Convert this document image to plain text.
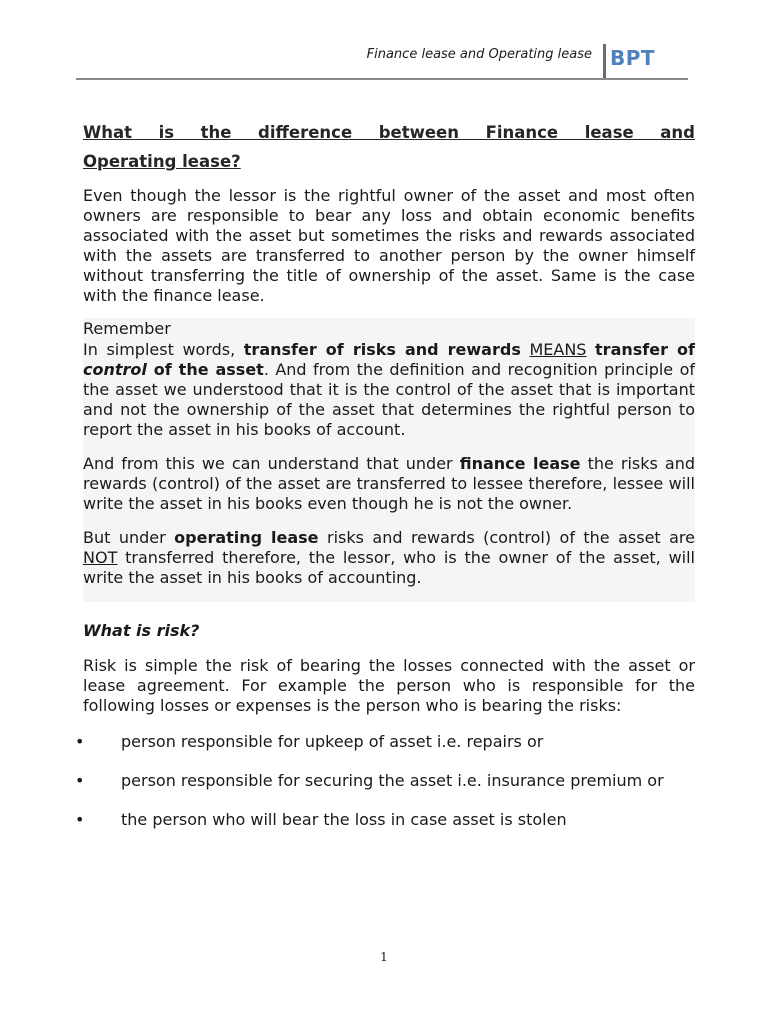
Finance lease and Operating lease BPT
What is the difference between Finance lease and
Operating lease?

Even though the lessor is the rightful owner of the asset and most often owners are responsible to bear any loss and obtain economic benefits associated with the asset but sometimes the risks and rewards associated with the assets are transferred to another person by the owner himself without transferring the title of ownership of the asset. Same is the case with the finance lease.

Remember

In simplest words, transfer of risks and rewards MEANS transfer of control of the asset. And from the definition and recognition principle of the asset we understood that it is the control of the asset that is important and not the ownership of the asset that determines the rightful person to report the asset in his books of account.

And from this we can understand that under finance lease the risks and rewards (control) of the asset are transferred to lessee therefore, lessee will write the asset in his books even though he is not the owner.

But under operating lease risks and rewards (control) of the asset are NOT transferred therefore, the lessor, who is the owner of the asset, will write the asset in his books of accounting.

What is risk?

Risk is simple the risk of bearing the losses connected with the asset or lease agreement. For example the person who is responsible for the following losses or expenses is the person who is bearing the risks:

• person responsible for upkeep of asset i.e. repairs or
•	person responsible for securing the asset i.e. insurance premium or
• the person who will bear the loss in case asset is stolen
1
